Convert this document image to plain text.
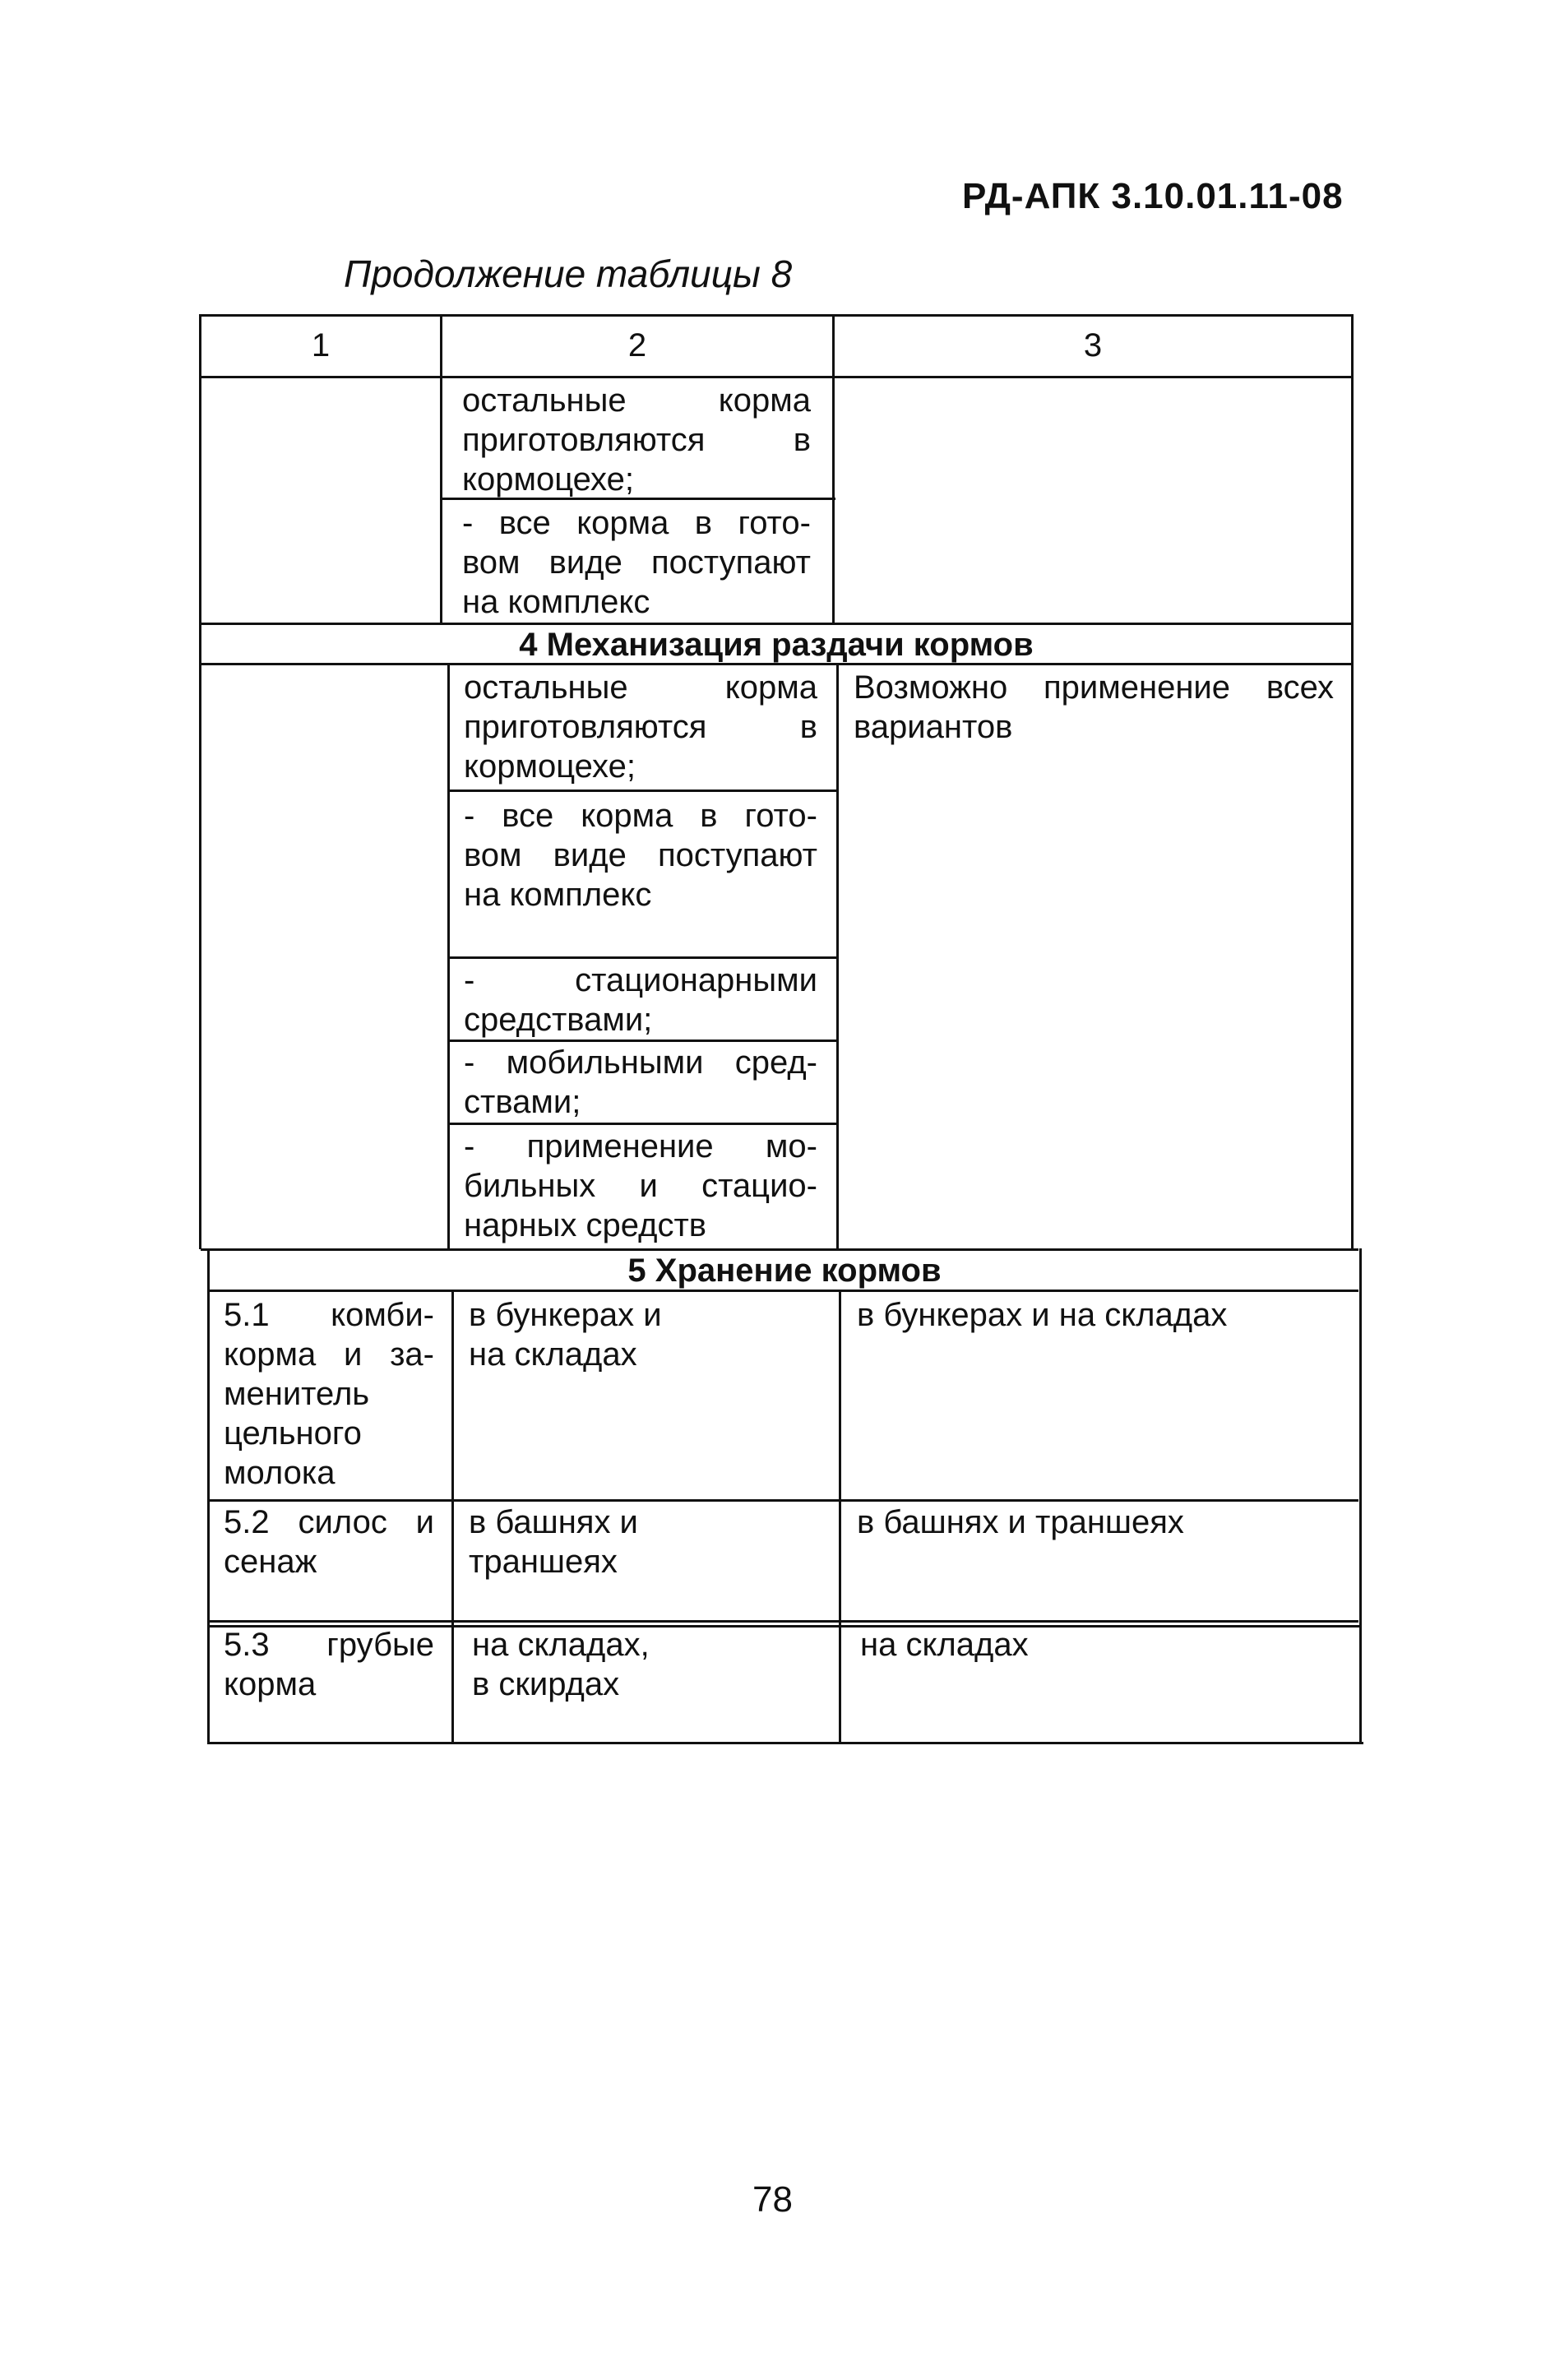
РД-АПК 3.10.01.11-08
Продолжение таблицы 8
1	2	3
остальные корма
приготовляются в
кормоцехе;
- все корма в гото-
вом виде поступают
на комплекс
4 Механизация раздачи кормов
остальные корма
приготовляются в
кормоцехе;
- все корма в гото-
вом виде поступают
на комплекс
- стационарными
средствами;
- мобильными сред-
ствами;
- применение мо-
бильных и стацио-
нарных средств
Возможно применение всех
вариантов
5 Хранение кормов
5.1 комби-
корма и за-
менитель
цельного
молока
в бункерах и
на складах
в бункерах и на складах
5.2 силос и
сенаж
в башнях и
траншеях
в башнях и траншеях
5.3 грубые
корма
на складах,
в скирдах
на складах
78
